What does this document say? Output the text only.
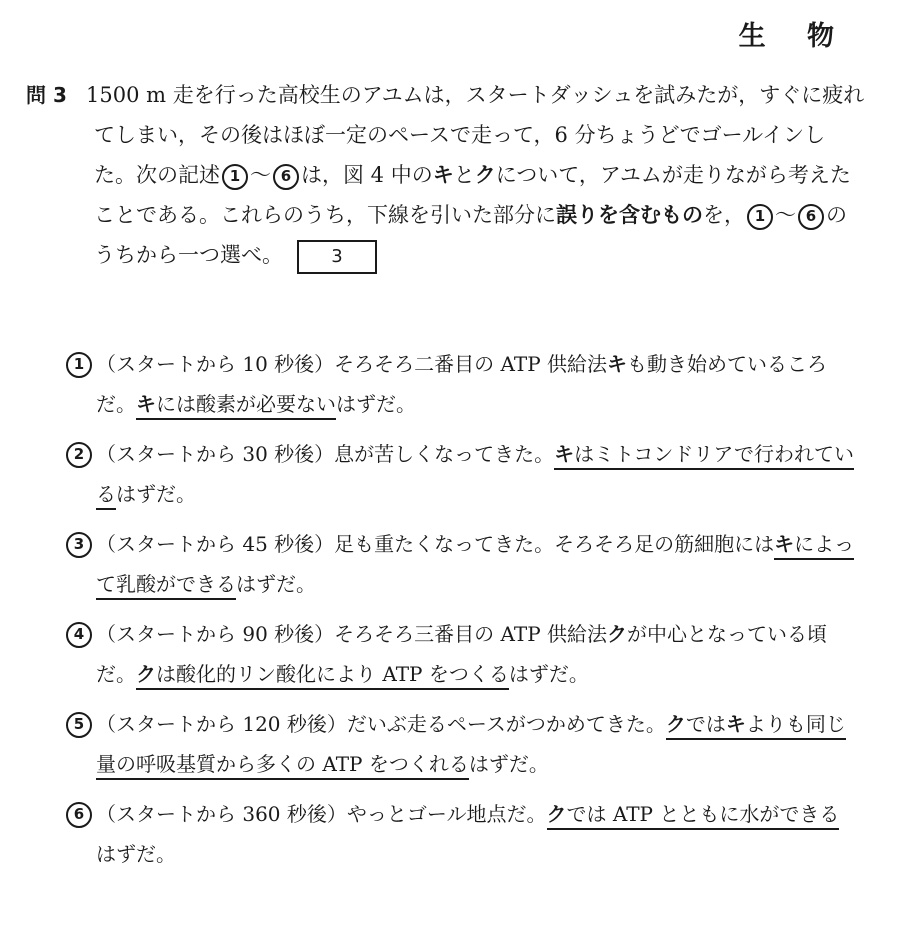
生 物
問 3 1500 m 走を行った高校生のアユムは，スタートダッシュを試みたが，すぐに疲れてしまい，その後はほぼ一定のペースで走って，6 分ちょうどでゴールインした。次の記述 1 〜 6 は，図 4 中のキとクについて，アユムが走りながら考えたことである。これらのうち，下線を引いた部分に誤りを含むものを， 1 〜 6 のうちから一つ選べ。	3
1 （スタートから 10 秒後）そろそろ二番目の ATP 供給法キも動き始めているころだ。キには酸素が必要ないはずだ。
2 （スタートから 30 秒後）息が苦しくなってきた。キはミトコンドリアで行われているはずだ。
3 （スタートから 45 秒後）足も重たくなってきた。そろそろ足の筋細胞にはキによって乳酸ができるはずだ。
4 （スタートから 90 秒後）そろそろ三番目の ATP 供給法クが中心となっている頃だ。クは酸化的リン酸化により ATP をつくるはずだ。
5 （スタートから 120 秒後）だいぶ走るペースがつかめてきた。クではキよりも同じ量の呼吸基質から多くの ATP をつくれるはずだ。
6 （スタートから 360 秒後）やっとゴール地点だ。クでは ATP とともに水ができるはずだ。
